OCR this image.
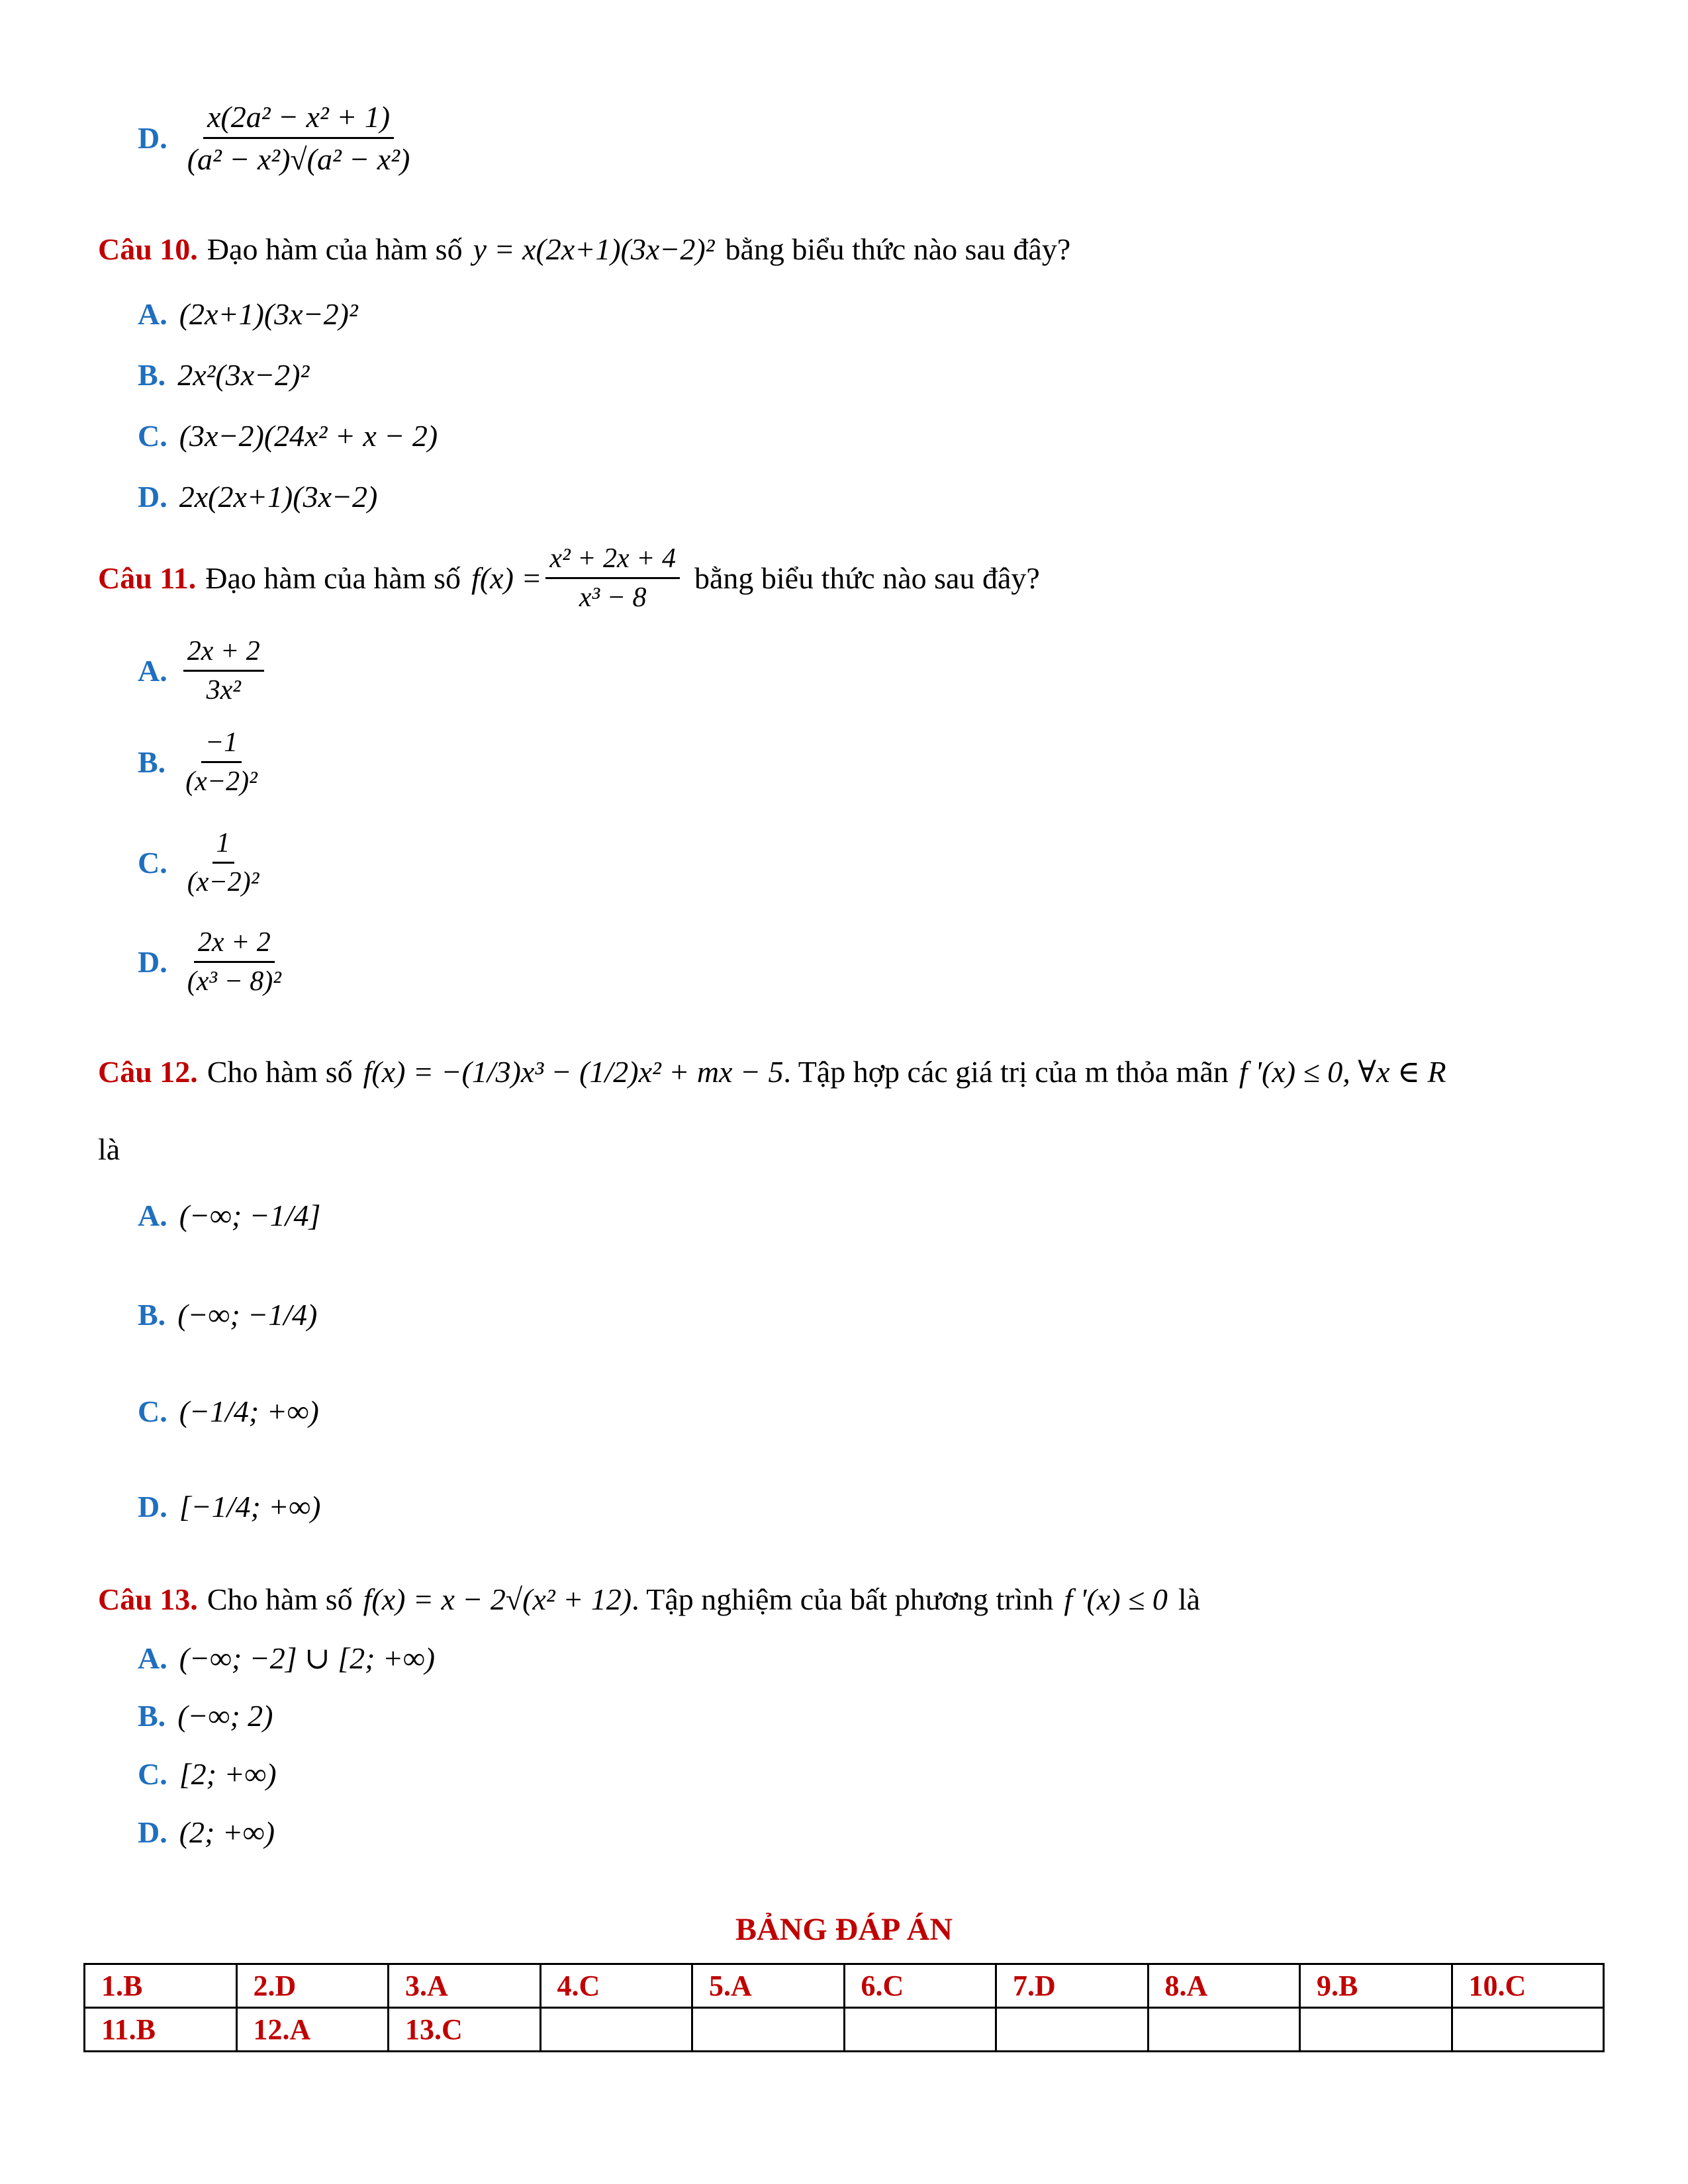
D. $\frac{\text{x(2a² − x² + 1)}}{\text{(a² − x²)√(a² − x²)}}$
Câu 10. Đạo hàm của hàm số y = x(2x+1)(3x−2)² bằng biểu thức nào sau đây?
A. (2x+1)(3x−2)²
B. 2x²(3x−2)²
C. (3x−2)(24x² + x − 2)
D. 2x(2x+1)(3x−2)
Câu 11. Đạo hàm của hàm số $f(x) = \frac{\text{x² + 2x + 4}}{\text{x³ − 8}}$ bằng biểu thức nào sau đây?
A. $\frac{2x + 2}{\text{3x²}}$
B. $\frac{-1}{\text{(x−2)²}}$
C. $\frac{1}{\text{(x−2)²}}$
D. $\frac{2x + 2}{\text{(x³ − 8)²}}$
Câu 12. Cho hàm số f(x) = −(1/3)x³ − (1/2)x² + mx − 5 . Tập hợp các giá trị của m thỏa mãn f '(x) ≤ 0, ∀x ∈ R
là
A. (−∞; −1/4]
B. (−∞; −1/4)
C. (−1/4; +∞)
D. [−1/4; +∞)
Câu 13. Cho hàm số f(x) = x − 2√(x² + 12) . Tập nghiệm của bất phương trình f '(x) ≤ 0 là
A. (−∞; −2] ∪ [2; +∞)
B. (−∞; 2)
C. [2; +∞)
D. (2; +∞)
BẢNG ĐÁP ÁN
1.B	2.D	3.A	4.C	5.A	6.C	7.D	8.A	9.B	10.C
11.B	12.A	13.C							
